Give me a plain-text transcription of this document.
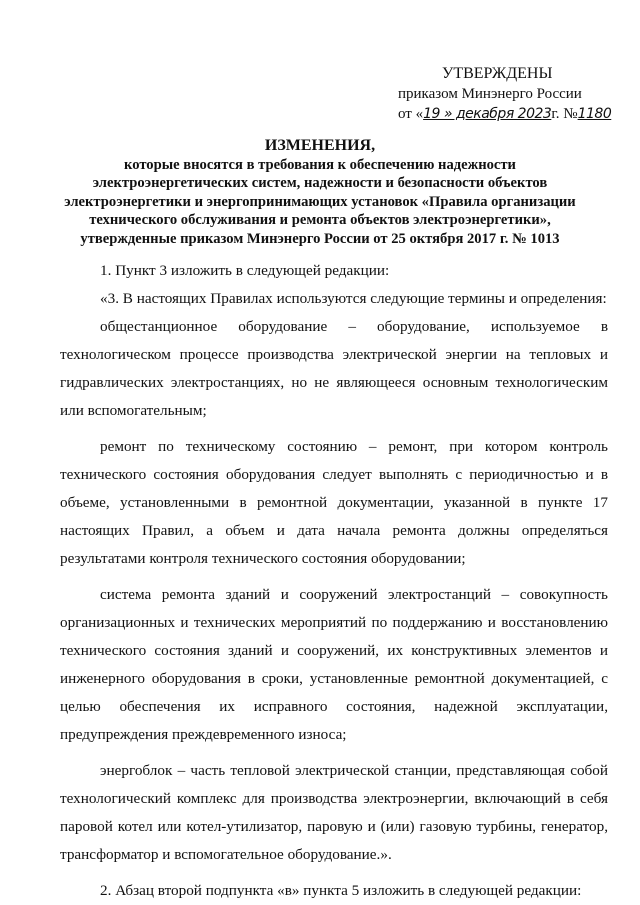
УТВЕРЖДЕНЫ
приказом Минэнерго России
от «19 » декабря 2023г. №1180
ИЗМЕНЕНИЯ,
которые вносятся в требования к обеспечению надежности электроэнергетических систем, надежности и безопасности объектов электроэнергетики и энергопринимающих установок «Правила организации технического обслуживания и ремонта объектов электроэнергетики», утвержденные приказом Минэнерго России от 25 октября 2017 г. № 1013

1. Пункт 3 изложить в следующей редакции:

«3. В настоящих Правилах используются следующие термины и определения:

общестанционное оборудование – оборудование, используемое в технологическом процессе производства электрической энергии на тепловых и гидравлических электростанциях, но не являющееся основным технологическим или вспомогательным;

ремонт по техническому состоянию – ремонт, при котором контроль технического состояния оборудования следует выполнять с периодичностью и в объеме, установленными в ремонтной документации, указанной в пункте 17 настоящих Правил, а объем и дата начала ремонта должны определяться результатами контроля технического состояния оборудовании;

система ремонта зданий и сооружений электростанций – совокупность организационных и технических мероприятий по поддержанию и восстановлению технического состояния зданий и сооружений, их конструктивных элементов и инженерного оборудования в сроки, установленные ремонтной документацией, с целью обеспечения их исправного состояния, надежной эксплуатации, предупреждения преждевременного износа;

энергоблок – часть тепловой электрической станции, представляющая собой технологический комплекс для производства электроэнергии, включающий в себя паровой котел или котел-утилизатор, паровую и (или) газовую турбины, генератор, трансформатор и вспомогательное оборудование.».

2. Абзац второй подпункта «в» пункта 5 изложить в следующей редакции:
